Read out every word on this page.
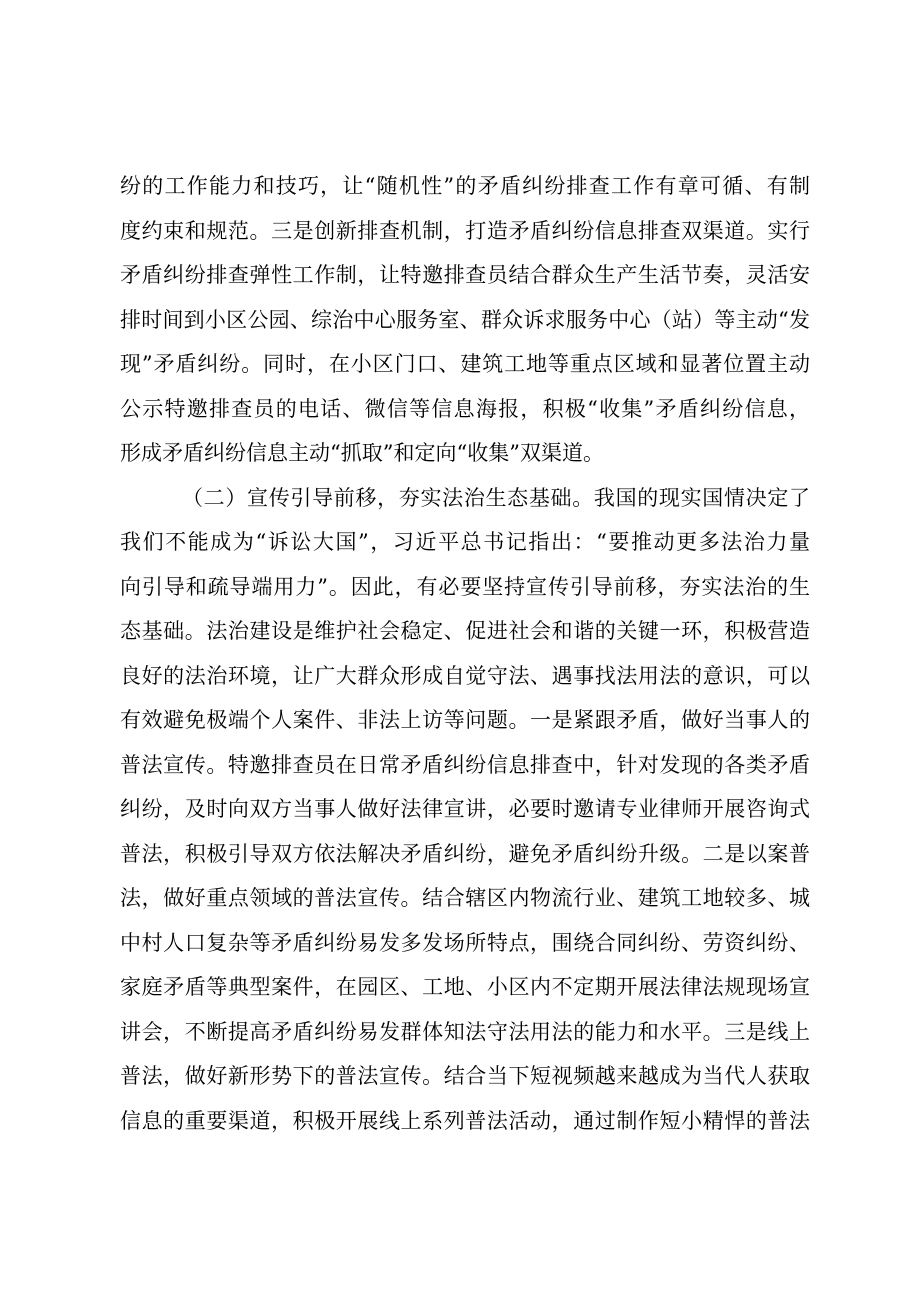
纷的工作能力和技巧，让“随机性”的矛盾纠纷排查工作有章可循、有制
度约束和规范。三是创新排查机制，打造矛盾纠纷信息排查双渠道。实行
矛盾纠纷排查弹性工作制，让特邀排查员结合群众生产生活节奏，灵活安
排时间到小区公园、综治中心服务室、群众诉求服务中心（站）等主动“发
现”矛盾纠纷。同时，在小区门口、建筑工地等重点区域和显著位置主动
公示特邀排查员的电话、微信等信息海报，积极“收集”矛盾纠纷信息，
形成矛盾纠纷信息主动“抓取”和定向“收集”双渠道。
（二）宣传引导前移，夯实法治生态基础。我国的现实国情决定了
我们不能成为“诉讼大国”，习近平总书记指出：“要推动更多法治力量
向引导和疏导端用力”。因此，有必要坚持宣传引导前移，夯实法治的生
态基础。法治建设是维护社会稳定、促进社会和谐的关键一环，积极营造
良好的法治环境，让广大群众形成自觉守法、遇事找法用法的意识，可以
有效避免极端个人案件、非法上访等问题。一是紧跟矛盾，做好当事人的
普法宣传。特邀排查员在日常矛盾纠纷信息排查中，针对发现的各类矛盾
纠纷，及时向双方当事人做好法律宣讲，必要时邀请专业律师开展咨询式
普法，积极引导双方依法解决矛盾纠纷，避免矛盾纠纷升级。二是以案普
法，做好重点领域的普法宣传。结合辖区内物流行业、建筑工地较多、城
中村人口复杂等矛盾纠纷易发多发场所特点，围绕合同纠纷、劳资纠纷、
家庭矛盾等典型案件，在园区、工地、小区内不定期开展法律法规现场宣
讲会，不断提高矛盾纠纷易发群体知法守法用法的能力和水平。三是线上
普法，做好新形势下的普法宣传。结合当下短视频越来越成为当代人获取
信息的重要渠道，积极开展线上系列普法活动，通过制作短小精悍的普法
